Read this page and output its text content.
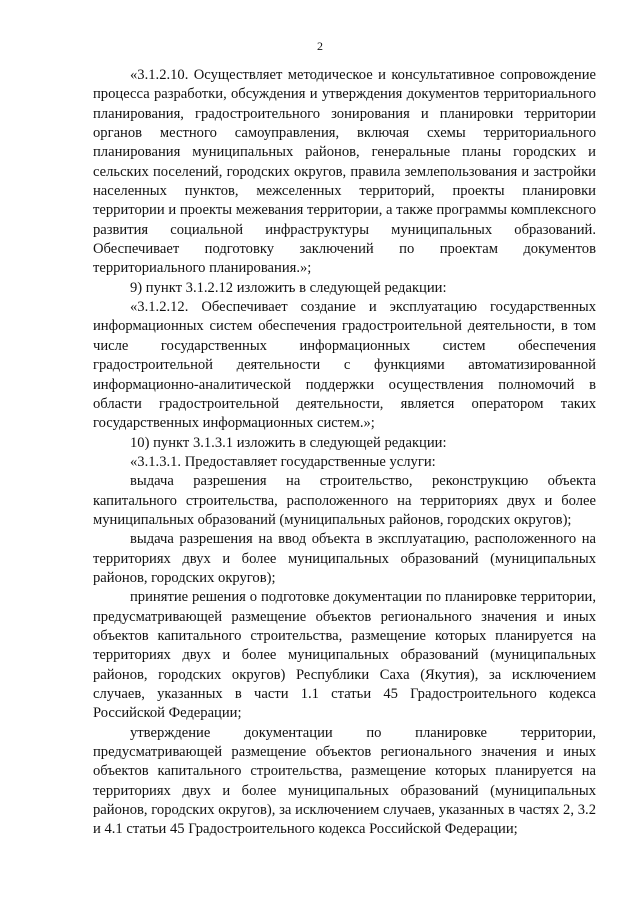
2

«3.1.2.10. Осуществляет методическое и консультативное сопровождение процесса разработки, обсуждения и утверждения документов территориального планирования, градостроительного зонирования и планировки территории органов местного самоуправления, включая схемы территориального планирования муниципальных районов, генеральные планы городских и сельских поселений, городских округов, правила землепользования и застройки населенных пунктов, межселенных территорий, проекты планировки территории и проекты межевания территории, а также программы комплексного развития социальной инфраструктуры муниципальных образований. Обеспечивает подготовку заключений по проектам документов территориального планирования.»;

9) пункт 3.1.2.12 изложить в следующей редакции:

«3.1.2.12. Обеспечивает создание и эксплуатацию государственных информационных систем обеспечения градостроительной деятельности, в том числе государственных информационных систем обеспечения градостроительной деятельности с функциями автоматизированной информационно-аналитической поддержки осуществления полномочий в области градостроительной деятельности, является оператором таких государственных информационных систем.»;

10) пункт 3.1.3.1 изложить в следующей редакции:

«3.1.3.1. Предоставляет государственные услуги:

выдача разрешения на строительство, реконструкцию объекта капитального строительства, расположенного на территориях двух и более муниципальных образований (муниципальных районов, городских округов);

выдача разрешения на ввод объекта в эксплуатацию, расположенного на территориях двух и более муниципальных образований (муниципальных районов, городских округов);

принятие решения о подготовке документации по планировке территории, предусматривающей размещение объектов регионального значения и иных объектов капитального строительства, размещение которых планируется на территориях двух и более муниципальных образований (муниципальных районов, городских округов) Республики Саха (Якутия), за исключением случаев, указанных в части 1.1 статьи 45 Градостроительного кодекса Российской Федерации;

утверждение документации по планировке территории, предусматривающей размещение объектов регионального значения и иных объектов капитального строительства, размещение которых планируется на территориях двух и более муниципальных образований (муниципальных районов, городских округов), за исключением случаев, указанных в частях 2, 3.2 и 4.1 статьи 45 Градостроительного кодекса Российской Федерации;
